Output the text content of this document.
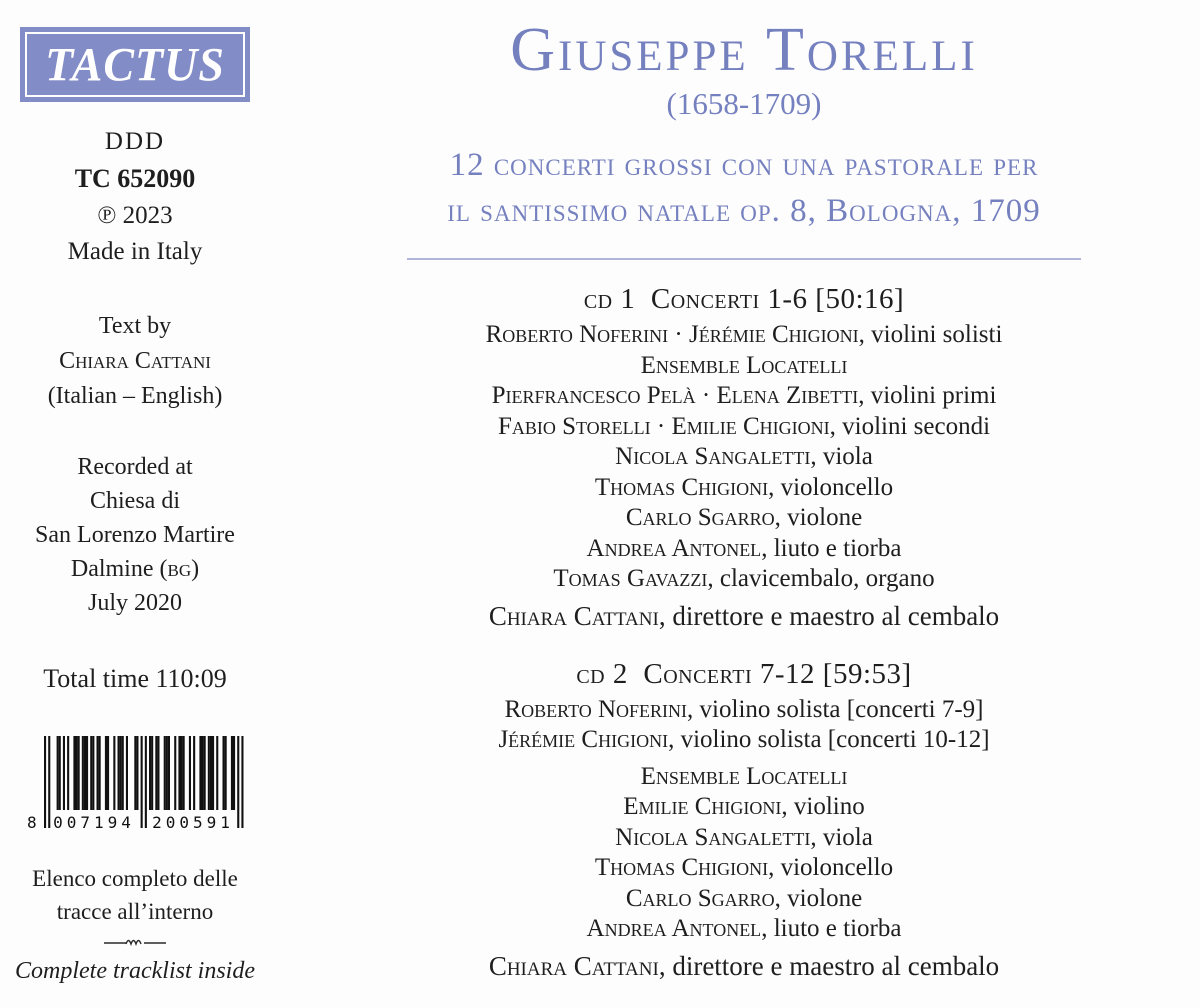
TACTUS
DDD
TC 652090
℗ 2023
Made in Italy
Text by
Chiara Cattani
(Italian – English)
Recorded at
Chiesa di
San Lorenzo Martire
Dalmine (bg)
July 2020
Total time 110:09
8 007194 200591
Elenco completo delle
tracce all’interno
Complete tracklist inside
Giuseppe Torelli
(1658-1709)
12 concerti grossi con una pastorale per
il santissimo natale op. 8, Bologna, 1709
cd 1  Concerti 1-6 [50:16]
Roberto Noferini · Jérémie Chigioni, violini solisti
Ensemble Locatelli
Pierfrancesco Pelà · Elena Zibetti, violini primi
Fabio Storelli · Emilie Chigioni, violini secondi
Nicola Sangaletti, viola
Thomas Chigioni, violoncello
Carlo Sgarro, violone
Andrea Antonel, liuto e tiorba
Tomas Gavazzi, clavicembalo, organo
Chiara Cattani, direttore e maestro al cembalo
cd 2  Concerti 7-12 [59:53]
Roberto Noferini, violino solista [concerti 7-9]
Jérémie Chigioni, violino solista [concerti 10-12]
Ensemble Locatelli
Emilie Chigioni, violino
Nicola Sangaletti, viola
Thomas Chigioni, violoncello
Carlo Sgarro, violone
Andrea Antonel, liuto e tiorba
Chiara Cattani, direttore e maestro al cembalo
